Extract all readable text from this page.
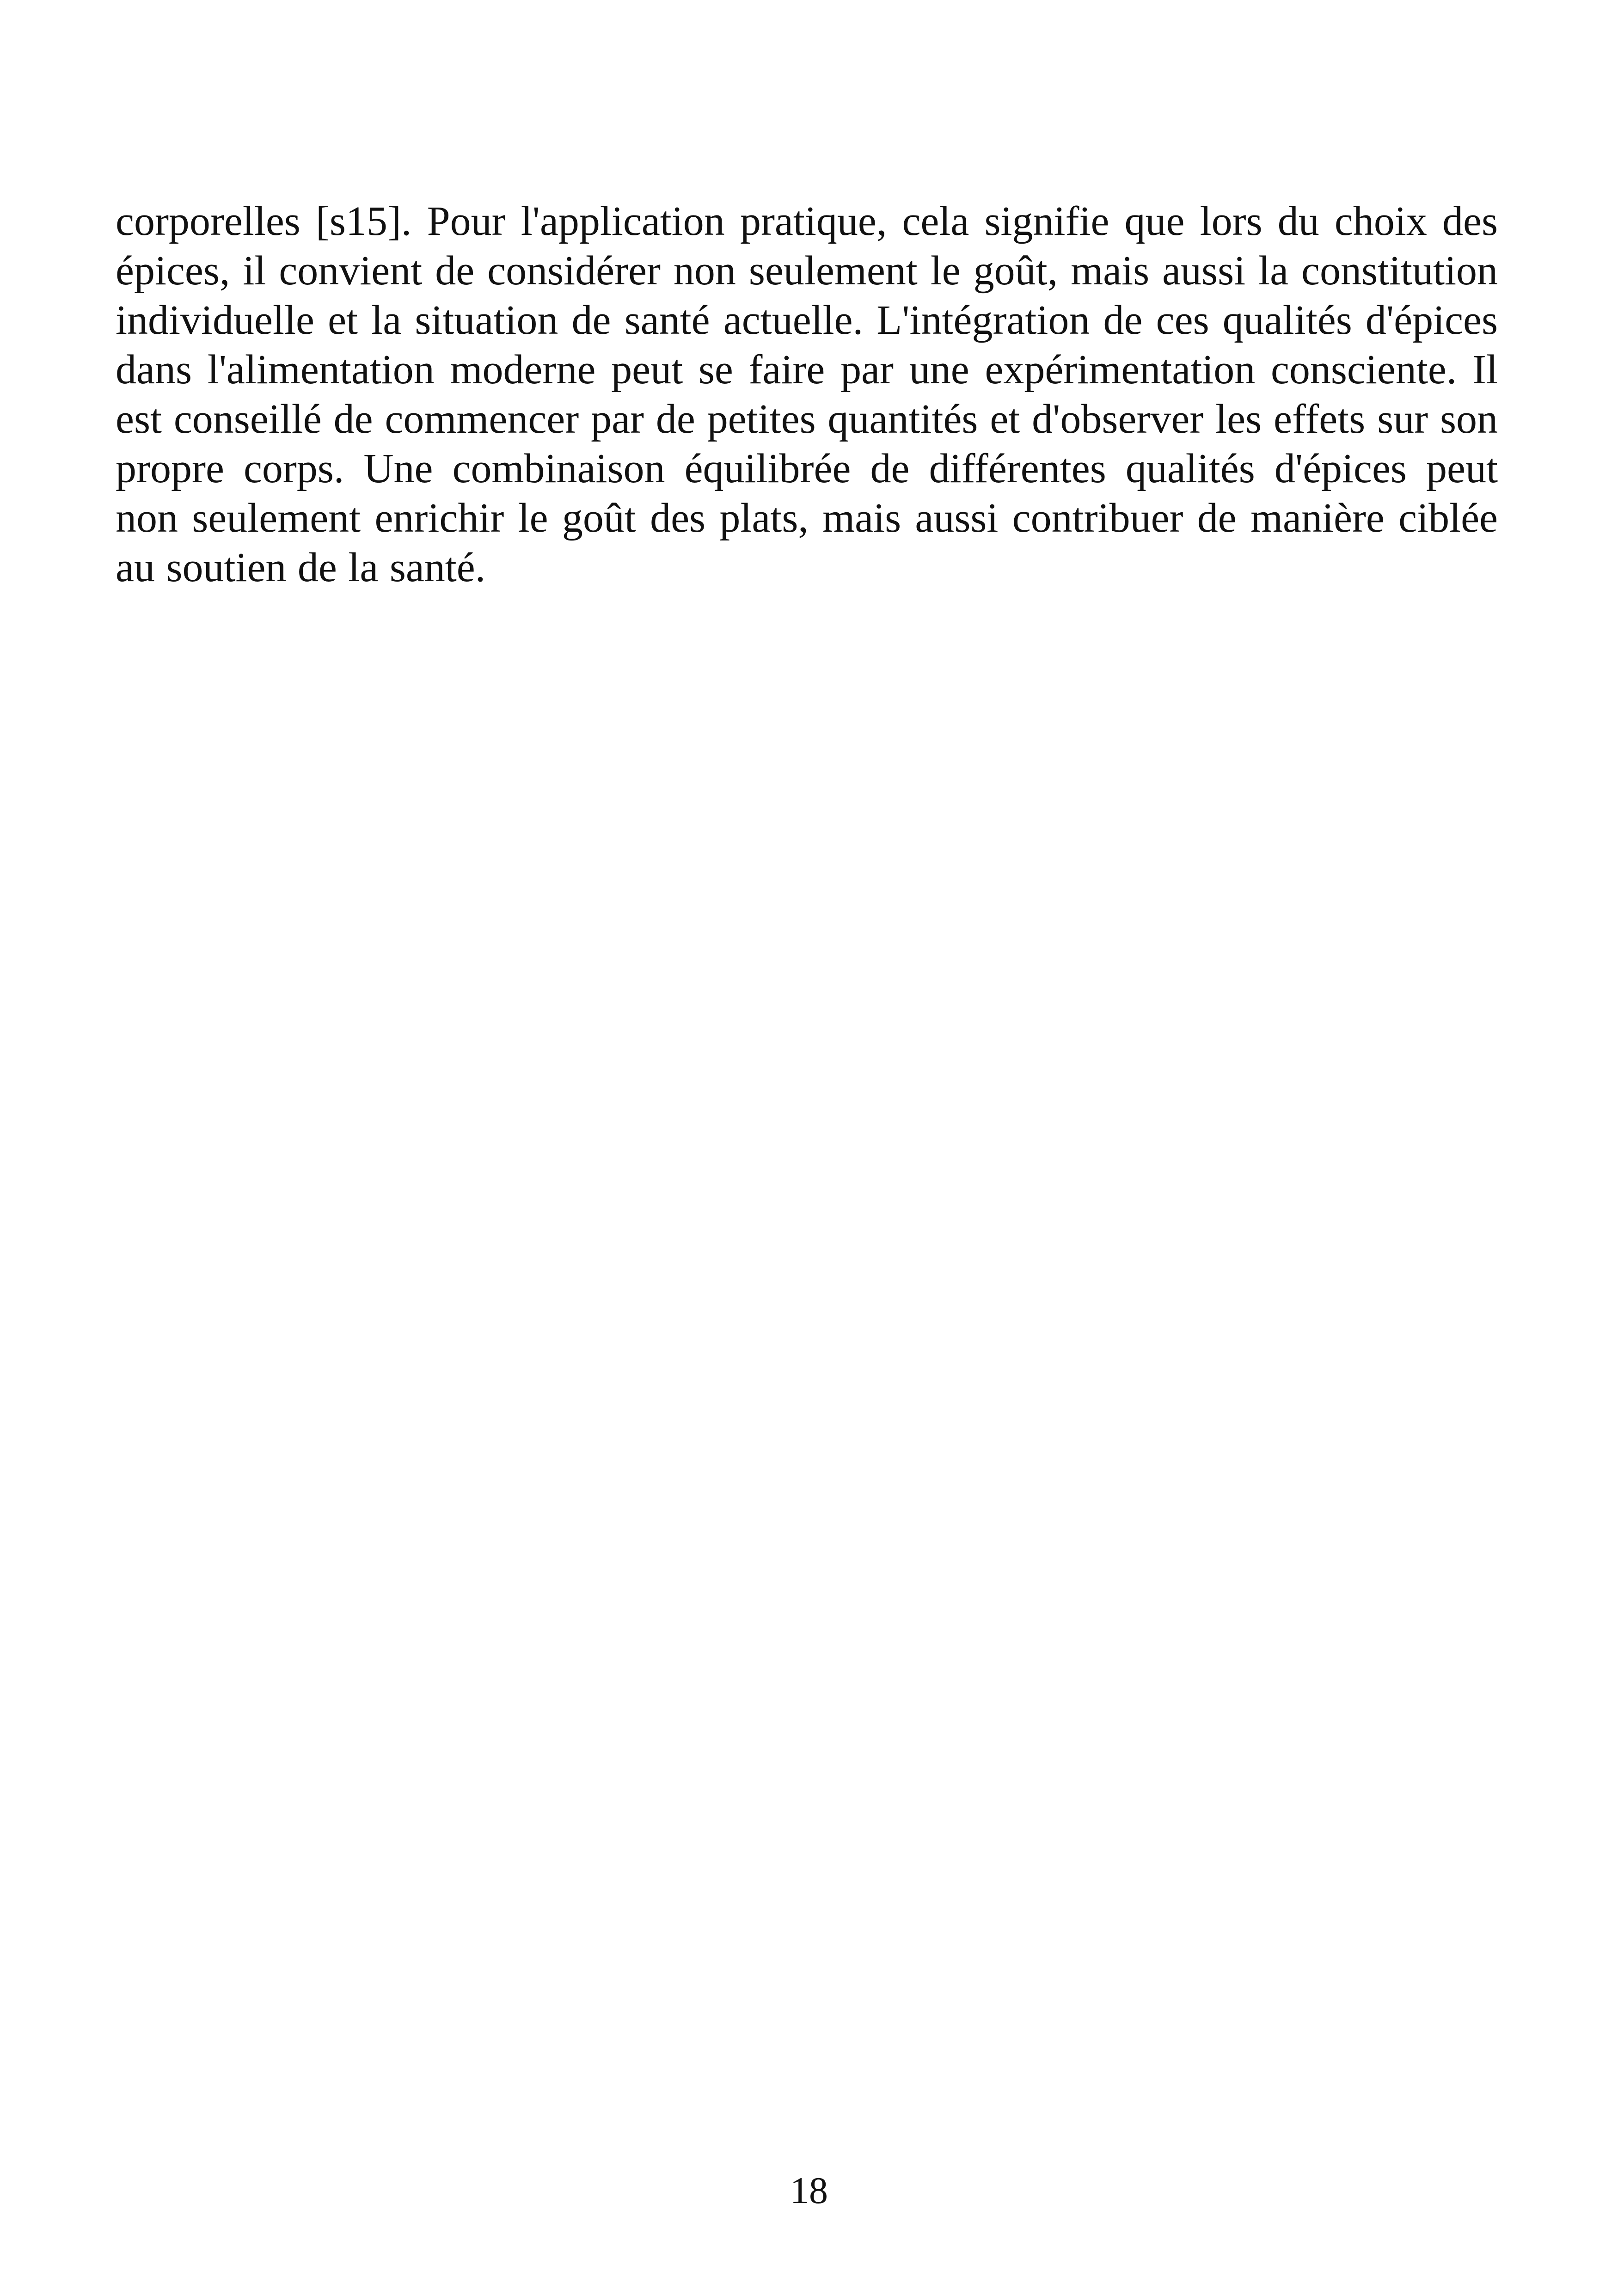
corporelles [s15]. Pour l'application pratique, cela signifie que lors du choix des épices, il convient de considérer non seulement le goût, mais aussi la constitution individuelle et la situation de santé actuelle. L'intégration de ces qualités d'épices dans l'alimentation moderne peut se faire par une expérimentation consciente. Il est conseillé de commencer par de petites quantités et d'observer les effets sur son propre corps. Une combinaison équilibrée de différentes qualités d'épices peut non seulement enrichir le goût des plats, mais aussi contribuer de manière ciblée au soutien de la santé.

18
